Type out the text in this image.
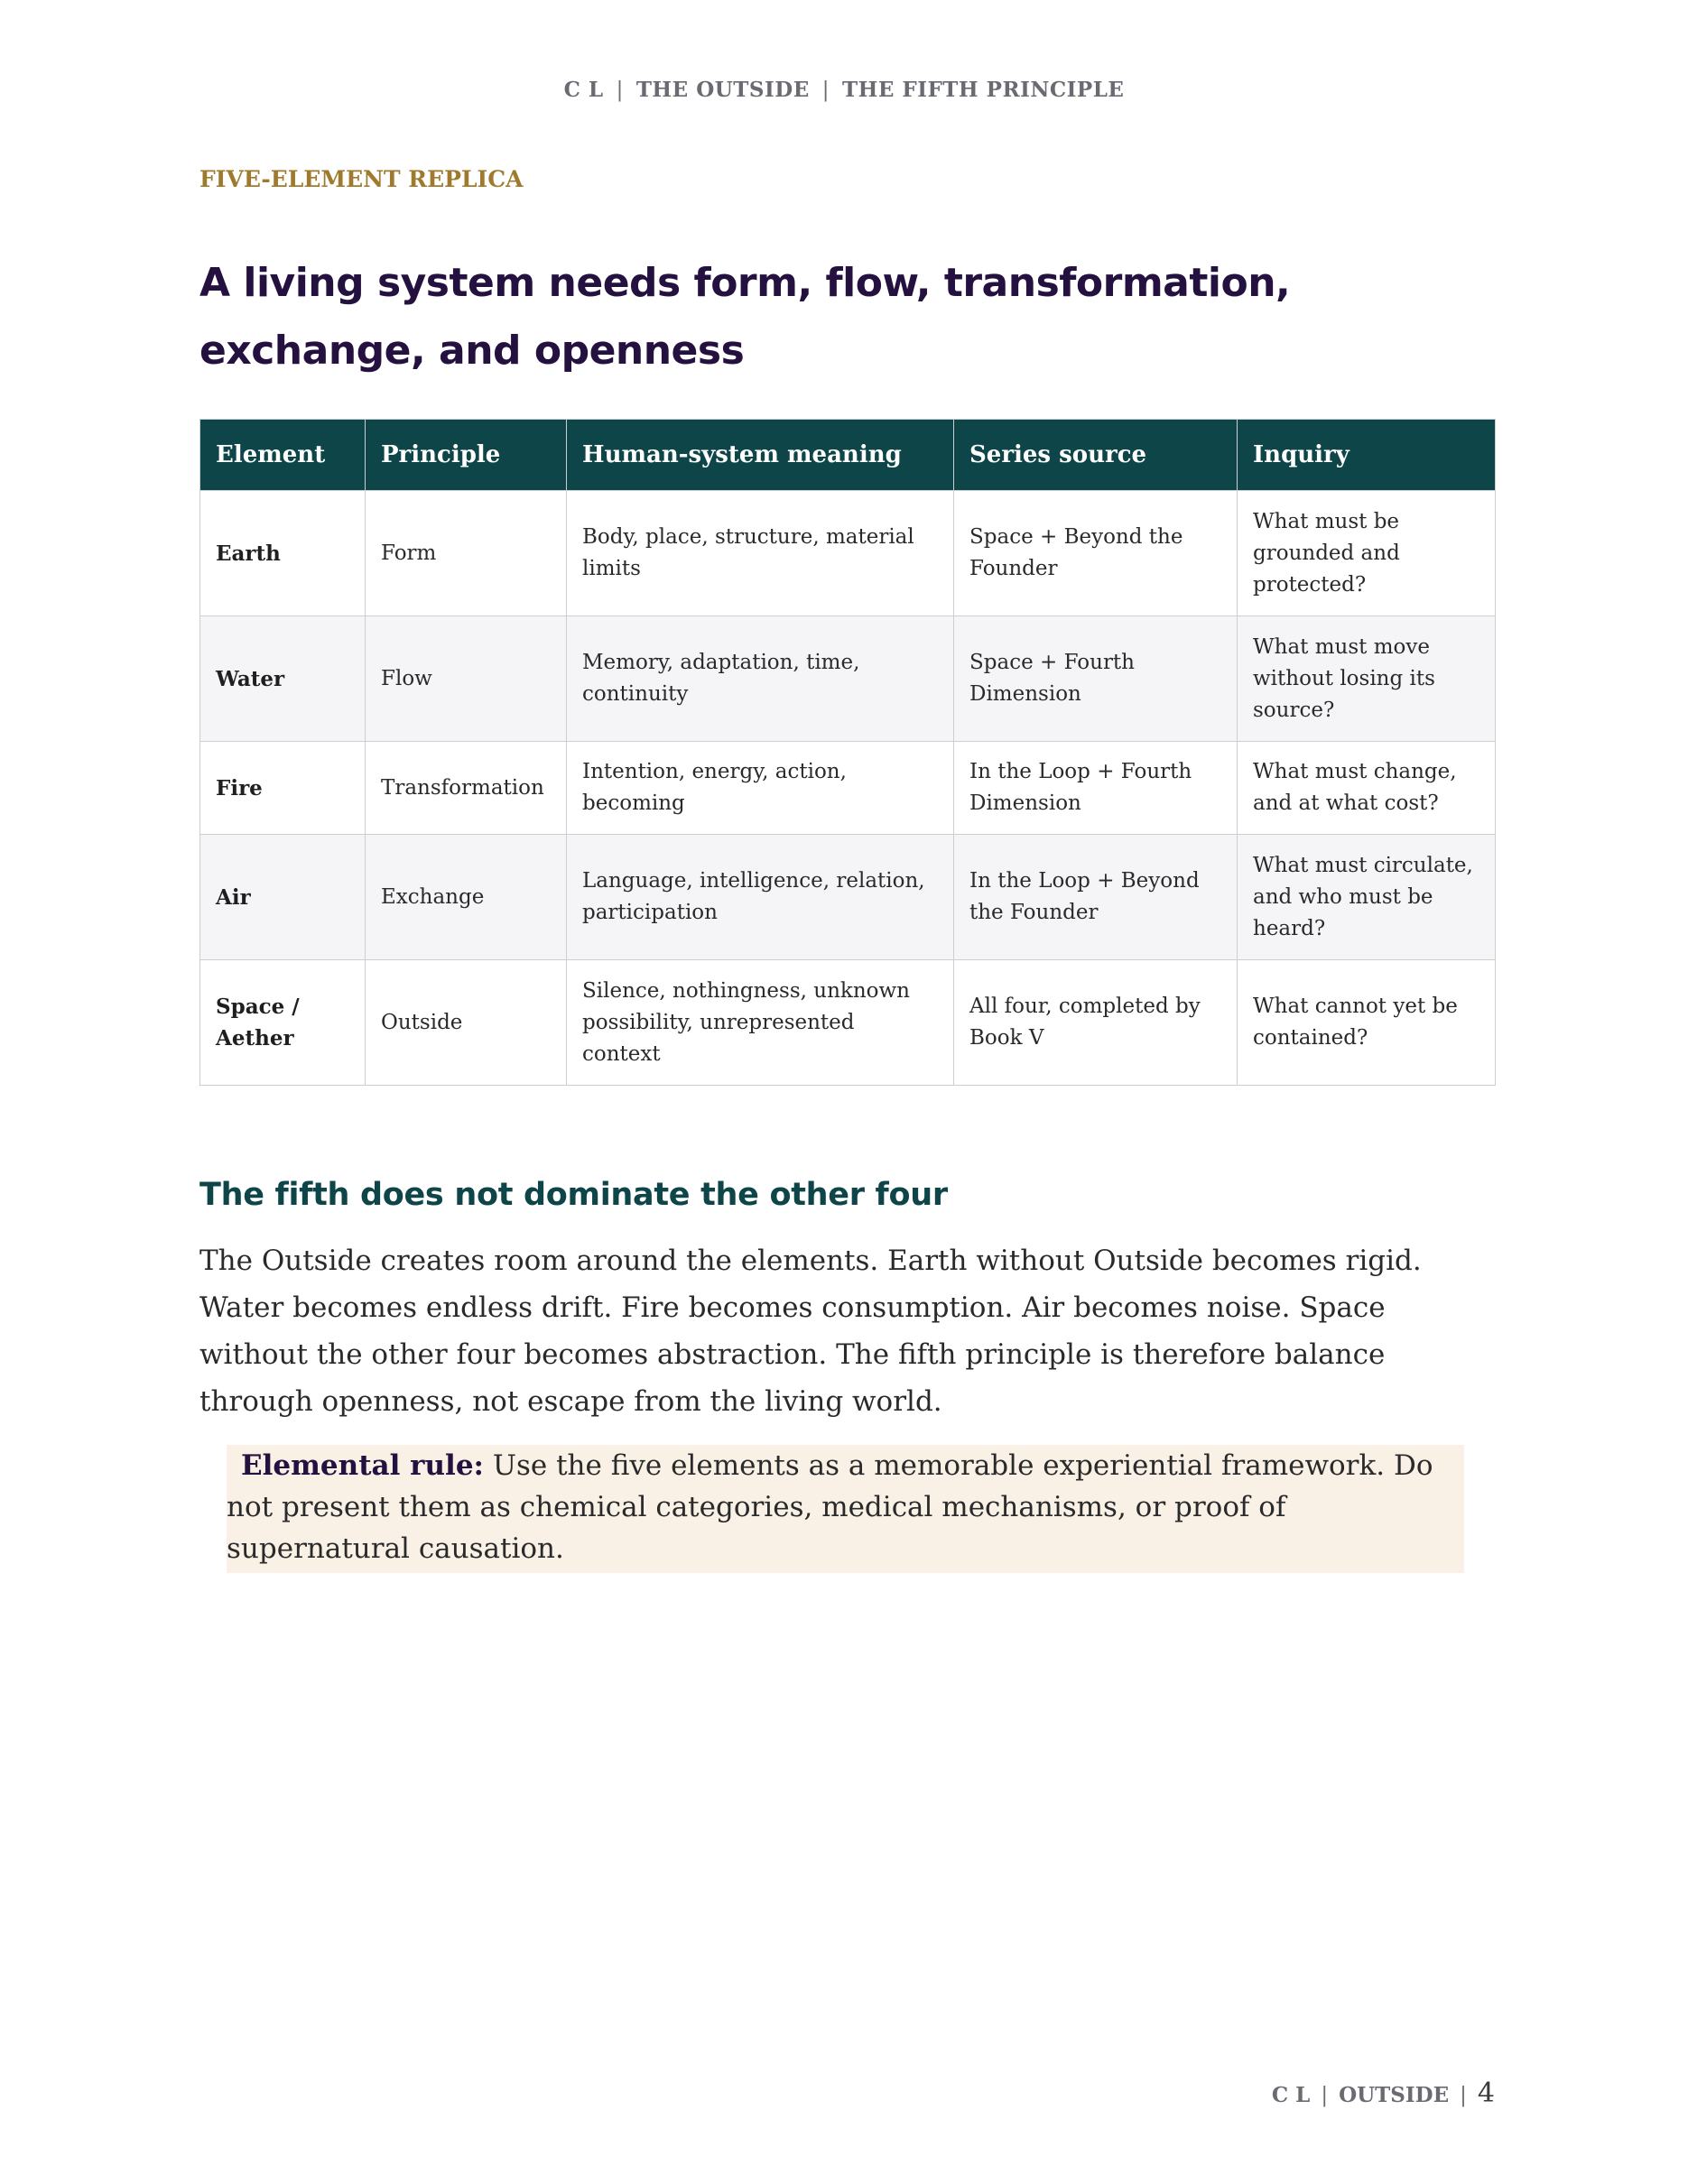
C L | THE OUTSIDE | THE FIFTH PRINCIPLE

FIVE-ELEMENT REPLICA

A living system needs form, flow, transformation, exchange, and openness
Element	Principle	Human-system meaning	Series source	Inquiry
Earth	Form	Body, place, structure, material limits	Space + Beyond the Founder	What must be grounded and protected?
Water	Flow	Memory, adaptation, time, continuity	Space + Fourth Dimension	What must move without losing its source?
Fire	Transformation	Intention, energy, action, becoming	In the Loop + Fourth Dimension	What must change, and at what cost?
Air	Exchange	Language, intelligence, relation, participation	In the Loop + Beyond the Founder	What must circulate, and who must be heard?
Space / Aether	Outside	Silence, nothingness, unknown possibility, unrepresented context	All four, completed by Book V	What cannot yet be contained?
The fifth does not dominate the other four

The Outside creates room around the elements. Earth without Outside becomes rigid. Water becomes endless drift. Fire becomes consumption. Air becomes noise. Space without the other four becomes abstraction. The fifth principle is therefore balance through openness, not escape from the living world.

Elemental rule: Use the five elements as a memorable experiential framework. Do not present them as chemical categories, medical mechanisms, or proof of supernatural causation.
C L | OUTSIDE | 4
